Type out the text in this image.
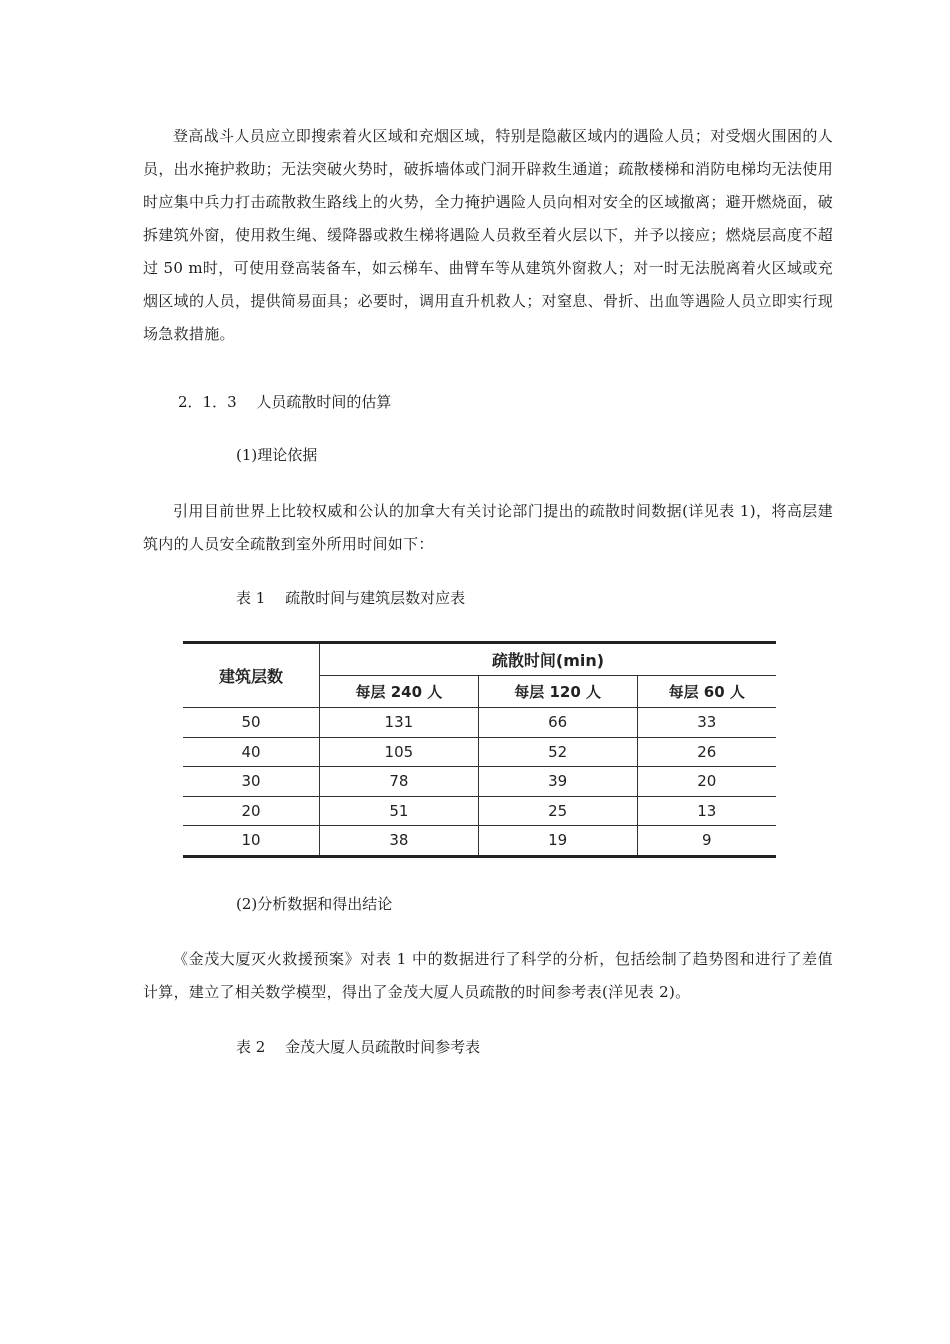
登高战斗人员应立即搜索着火区域和充烟区域，特别是隐蔽区域内的遇险人员；对受烟火围困的人员，出水掩护救助；无法突破火势时，破拆墙体或门洞开辟救生通道；疏散楼梯和消防电梯均无法使用时应集中兵力打击疏散救生路线上的火势，全力掩护遇险人员向相对安全的区域撤离；避开燃烧面，破拆建筑外窗，使用救生绳、缓降器或救生梯将遇险人员救至着火层以下，并予以接应；燃烧层高度不超过 50 m时，可使用登高装备车，如云梯车、曲臂车等从建筑外窗救人；对一时无法脱离着火区域或充烟区域的人员，提供简易面具；必要时，调用直升机救人；对窒息、骨折、出血等遇险人员立即实行现场急救措施。
2．1．3　 人员疏散时间的估算
(1)理论依据
引用目前世界上比较权威和公认的加拿大有关讨论部门提出的疏散时间数据(详见表 1)，将高层建筑内的人员安全疏散到室外所用时间如下：
表 1　 疏散时间与建筑层数对应表
建筑层数	疏散时间(min)		
	每层 240 人	每层 120 人	每层 60 人
50	131	66	33
40	105	52	26
30	78	39	20
20	51	25	13
10	38	19	9
(2)分析数据和得出结论
《金茂大厦灭火救援预案》对表 1 中的数据进行了科学的分析，包括绘制了趋势图和进行了差值计算，建立了相关数学模型，得出了金茂大厦人员疏散的时间参考表(洋见表 2)。
表 2　 金茂大厦人员疏散时间参考表
